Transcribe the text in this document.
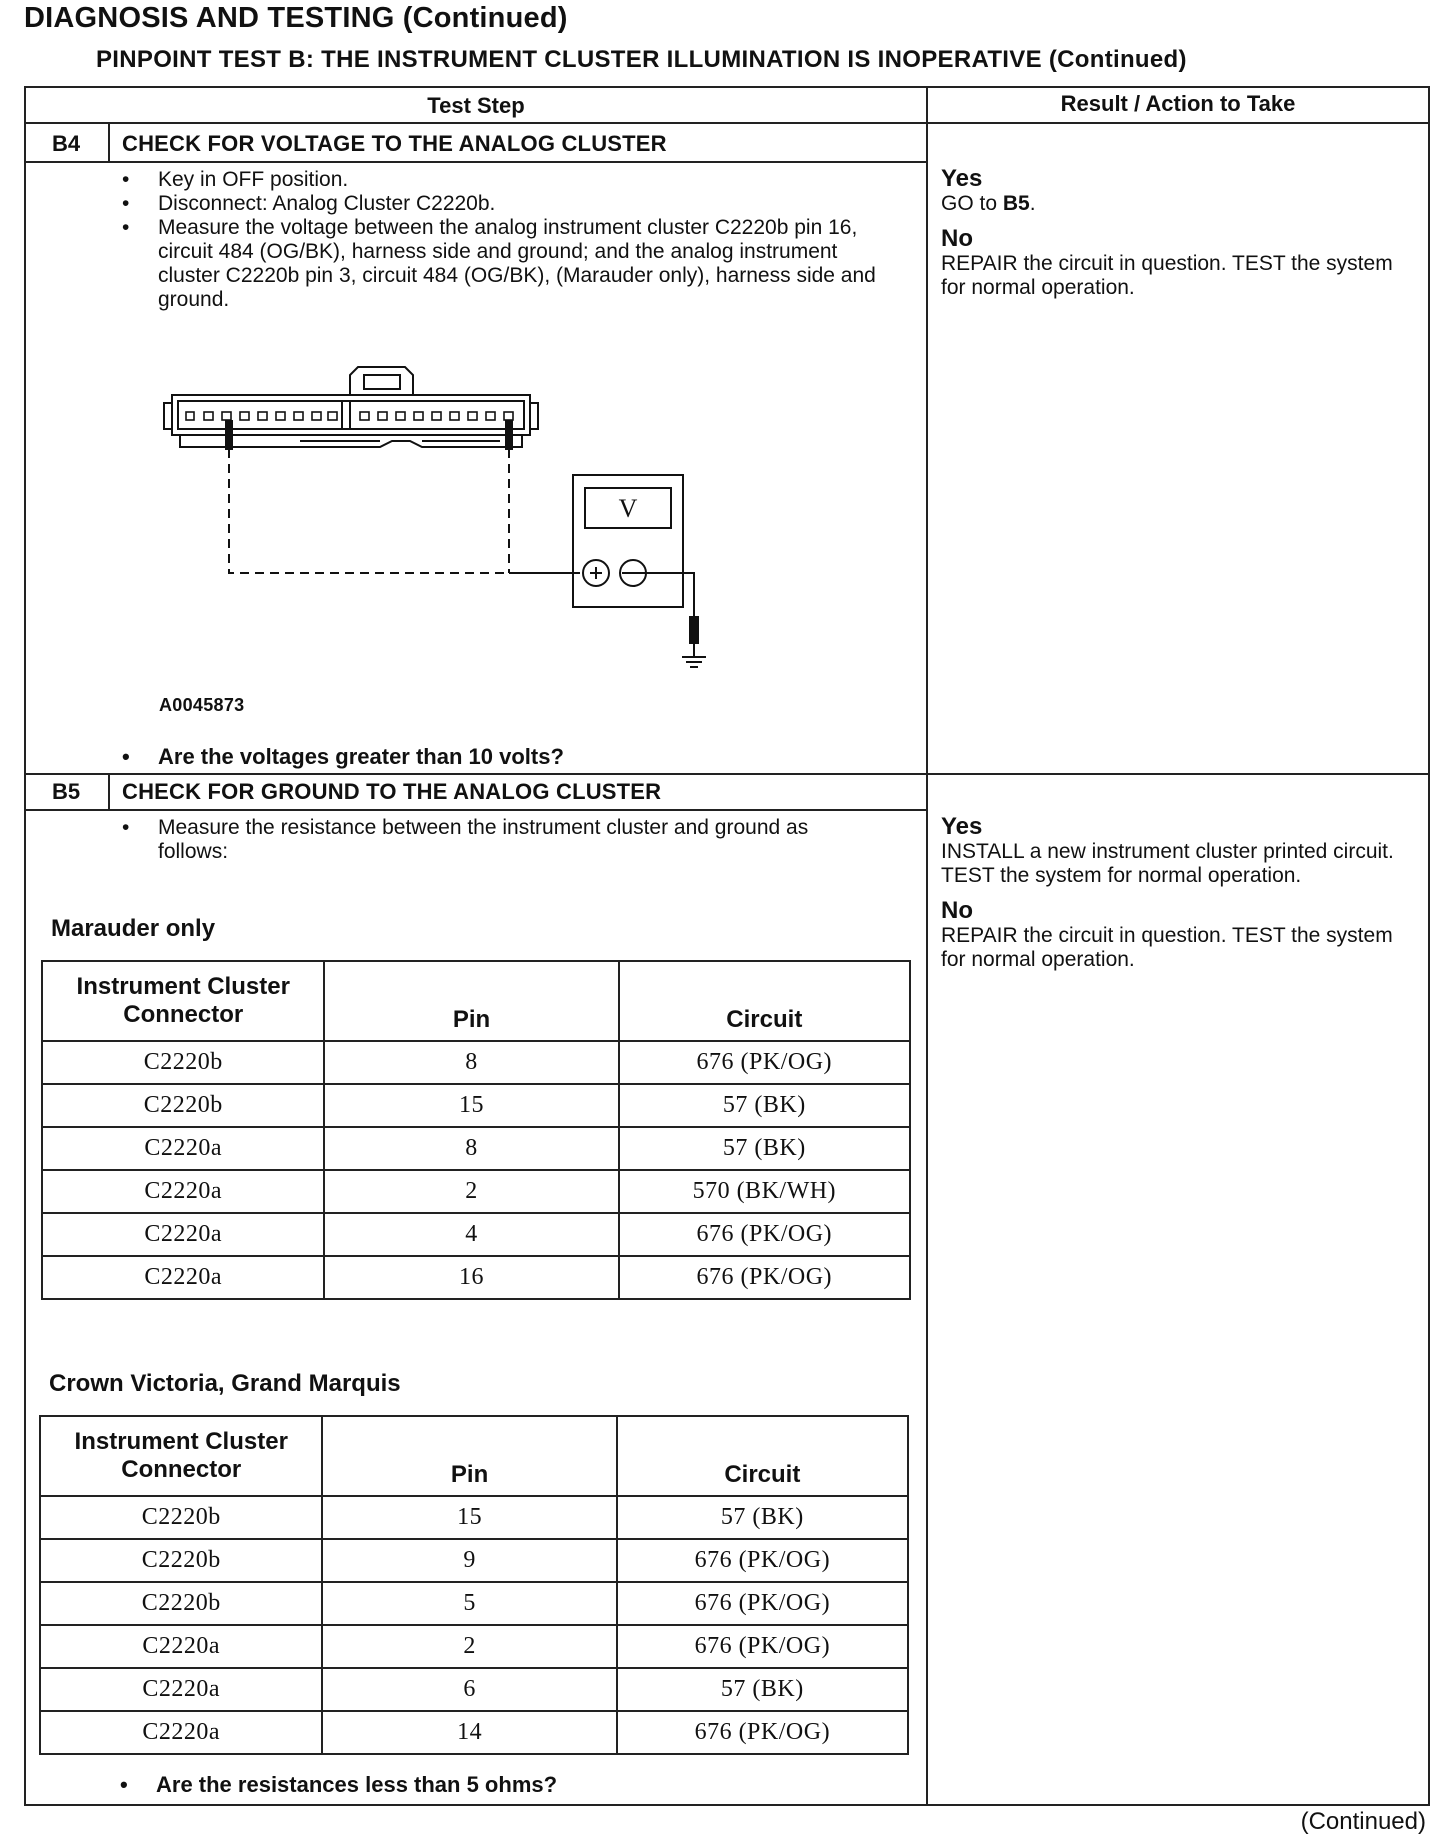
DIAGNOSIS AND TESTING (Continued)
PINPOINT TEST B: THE INSTRUMENT CLUSTER ILLUMINATION IS INOPERATIVE (Continued)
Test Step	Result / Action to Take
B4 CHECK FOR VOLTAGE TO THE ANALOG CLUSTER
• Key in OFF position.
• Disconnect: Analog Cluster C2220b.
• Measure the voltage between the analog instrument cluster C2220b pin 16, circuit 484 (OG/BK), harness side and ground; and the analog instrument cluster C2220b pin 3, circuit 484 (OG/BK), (Marauder only), harness side and ground.
V
A0045873
• Are the voltages greater than 10 volts?
Yes
GO to B5.
No
REPAIR the circuit in question. TEST the system for normal operation.
B5 CHECK FOR GROUND TO THE ANALOG CLUSTER
• Measure the resistance between the instrument cluster and ground as follows:
Marauder only
Instrument Cluster Connector	Pin	Circuit
C2220b	8	676 (PK/OG)
C2220b	15	57 (BK)
C2220a	8	57 (BK)
C2220a	2	570 (BK/WH)
C2220a	4	676 (PK/OG)
C2220a	16	676 (PK/OG)
Crown Victoria, Grand Marquis
Instrument Cluster Connector	Pin	Circuit
C2220b	15	57 (BK)
C2220b	9	676 (PK/OG)
C2220b	5	676 (PK/OG)
C2220a	2	676 (PK/OG)
C2220a	6	57 (BK)
C2220a	14	676 (PK/OG)
• Are the resistances less than 5 ohms?
Yes
INSTALL a new instrument cluster printed circuit. TEST the system for normal operation.
No
REPAIR the circuit in question. TEST the system for normal operation.
(Continued)
